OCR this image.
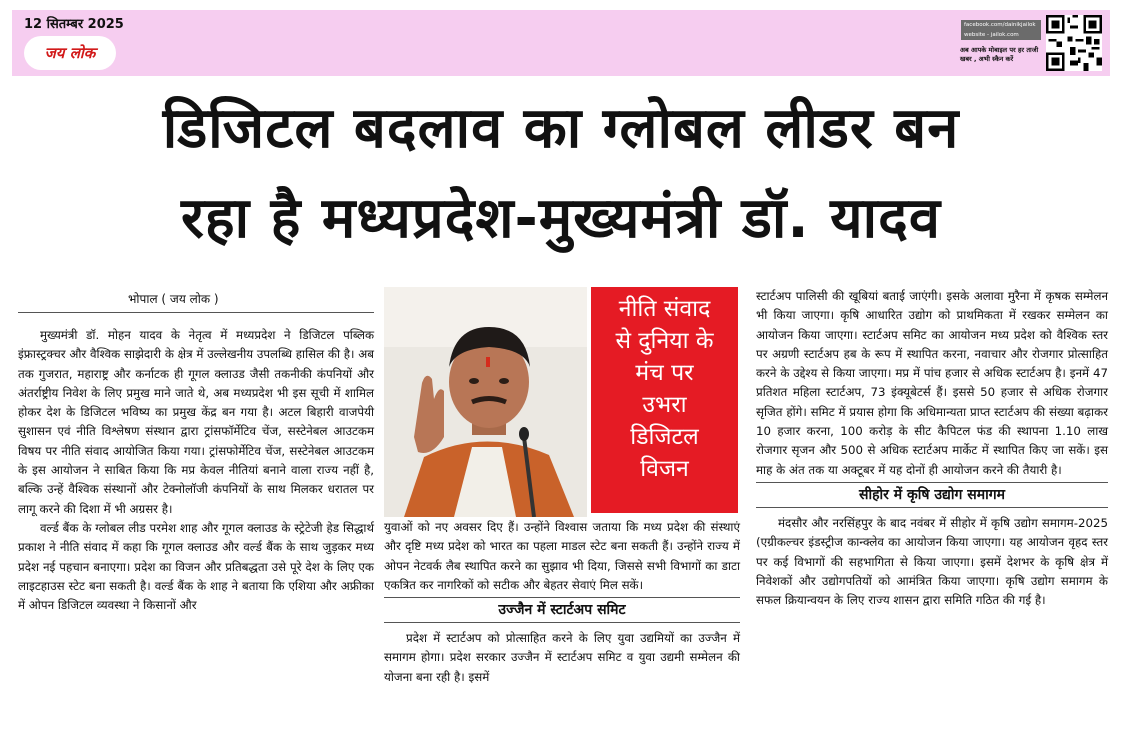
12 सितम्बर 2025
जय लोक
facebook.com/dainikjailok
website - jailok.com
अब आपके मोबाइल पर हर ताजी खबर , अभी स्कैन करें
डिजिटल बदलाव का ग्लोबल लीडर बन
रहा है मध्यप्रदेश-मुख्यमंत्री डॉ. यादव
भोपाल ( जय लोक )

मुख्यमंत्री डॉ. मोहन यादव के नेतृत्व में मध्यप्रदेश ने डिजिटल पब्लिक इंफ्रास्ट्रक्चर और वैश्विक साझेदारी के क्षेत्र में उल्लेखनीय उपलब्धि हासिल की है। अब तक गुजरात, महाराष्ट्र और कर्नाटक ही गूगल क्लाउड जैसी तकनीकी कंपनियों और अंतर्राष्ट्रीय निवेश के लिए प्रमुख माने जाते थे, अब मध्यप्रदेश भी इस सूची में शामिल होकर देश के डिजिटल भविष्य का प्रमुख केंद्र बन गया है। अटल बिहारी वाजपेयी सुशासन एवं नीति विश्लेषण संस्थान द्वारा ट्रांसफॉर्मेटिव चेंज, सस्टेनेबल आउटकम विषय पर नीति संवाद आयोजित किया गया। ट्रांसफोर्मेटिव चेंज, सस्टेनेबल आउटकम के इस आयोजन ने साबित किया कि मप्र केवल नीतियां बनाने वाला राज्य नहीं है, बल्कि उन्हें वैश्विक संस्थानों और टेक्नोलॉजी कंपनियों के साथ मिलकर धरातल पर लागू करने की दिशा में भी अग्रसर है।

वर्ल्ड बैंक के ग्लोबल लीड परमेश शाह और गूगल क्लाउड के स्ट्रेटेजी हेड सिद्धार्थ प्रकाश ने नीति संवाद में कहा कि गूगल क्लाउड और वर्ल्ड बैंक के साथ जुड़कर मध्य प्रदेश नई पहचान बनाएगा। प्रदेश का विजन और प्रतिबद्धता उसे पूरे देश के लिए एक लाइटहाउस स्टेट बना सकती है। वर्ल्ड बैंक के शाह ने बताया कि एशिया और अफ्रीका में ओपन डिजिटल व्यवस्था ने किसानों और

नीति संवाद
से दुनिया के
मंच पर
उभरा
डिजिटल
विजन

युवाओं को नए अवसर दिए हैं। उन्होंने विश्वास जताया कि मध्य प्रदेश की संस्थाएं और दृष्टि मध्य प्रदेश को भारत का पहला माडल स्टेट बना सकती हैं। उन्होंने राज्य में ओपन नेटवर्क लैब स्थापित करने का सुझाव भी दिया, जिससे सभी विभागों का डाटा एकत्रित कर नागरिकों को सटीक और बेहतर सेवाएं मिल सकें।

उज्जैन में स्टार्टअप समिट

प्रदेश में स्टार्टअप को प्रोत्साहित करने के लिए युवा उद्यमियों का उज्जैन में समागम होगा। प्रदेश सरकार उज्जैन में स्टार्टअप समिट व युवा उद्यमी सम्मेलन की योजना बना रही है। इसमें

स्टार्टअप पालिसी की खूबियां बताई जाएंगी। इसके अलावा मुरैना में कृषक सम्मेलन भी किया जाएगा। कृषि आधारित उद्योग को प्राथमिकता में रखकर सम्मेलन का आयोजन किया जाएगा। स्टार्टअप समिट का आयोजन मध्य प्रदेश को वैश्विक स्तर पर अग्रणी स्टार्टअप हब के रूप में स्थापित करना, नवाचार और रोजगार प्रोत्साहित करने के उद्देश्य से किया जाएगा। मप्र में पांच हजार से अधिक स्टार्टअप है। इनमें 47 प्रतिशत महिला स्टार्टअप, 73 इंक्यूबेटर्स हैं। इससे 50 हजार से अधिक रोजगार सृजित होंगे। समिट में प्रयास होगा कि अधिमान्यता प्राप्त स्टार्टअप की संख्या बढ़ाकर 10 हजार करना, 100 करोड़ के सीट कैपिटल फंड की स्थापना 1.10 लाख रोजगार सृजन और 500 से अधिक स्टार्टअप मार्केट में स्थापित किए जा सकें। इस माह के अंत तक या अक्टूबर में यह दोनों ही आयोजन करने की तैयारी है।

सीहोर में कृषि उद्योग समागम

मंदसौर और नरसिंहपुर के बाद नवंबर में सीहोर में कृषि उद्योग समागम-2025 (एग्रीकल्चर इंडस्ट्रीज कान्क्लेव का आयोजन किया जाएगा। यह आयोजन वृहद स्तर पर कई विभागों की सहभागिता से किया जाएगा। इसमें देशभर के कृषि क्षेत्र में निवेशकों और उद्योगपतियों को आमंत्रित किया जाएगा। कृषि उद्योग समागम के सफल क्रियान्वयन के लिए राज्य शासन द्वारा समिति गठित की गई है।
